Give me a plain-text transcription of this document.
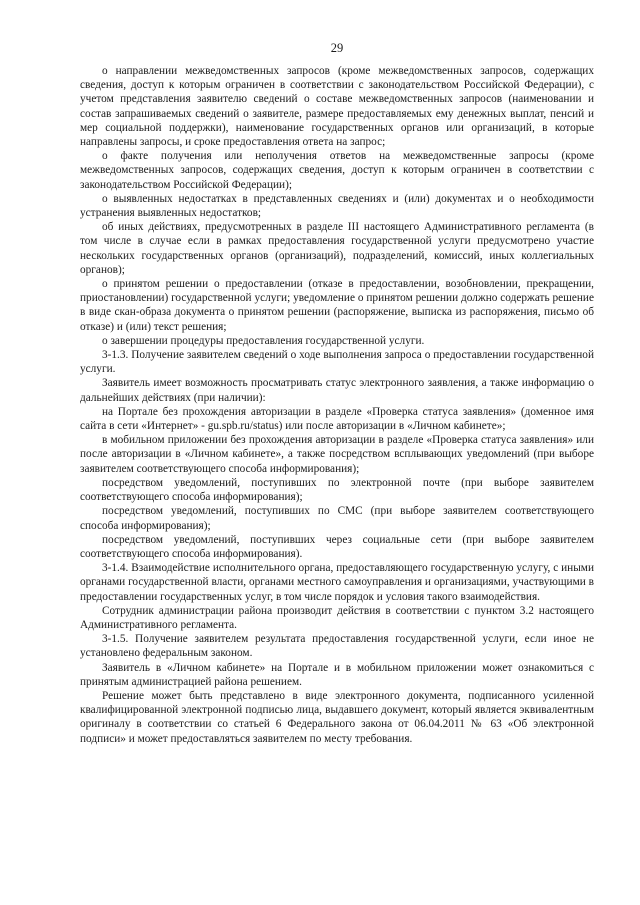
29

о направлении межведомственных запросов (кроме межведомственных запросов, содержащих сведения, доступ к которым ограничен в соответствии с законодательством Российской Федерации), с учетом представления заявителю сведений о составе межведомственных запросов (наименовании и состав запрашиваемых сведений о заявителе, размере предоставляемых ему денежных выплат, пенсий и мер социальной поддержки), наименование государственных органов или организаций, в которые направлены запросы, и сроке предоставления ответа на запрос;

о факте получения или неполучения ответов на межведомственные запросы (кроме межведомственных запросов, содержащих сведения, доступ к которым ограничен в соответствии с законодательством Российской Федерации);

о выявленных недостатках в представленных сведениях и (или) документах и о необходимости устранения выявленных недостатков;

об иных действиях, предусмотренных в разделе III настоящего Административного регламента (в том числе в случае если в рамках предоставления государственной услуги предусмотрено участие нескольких государственных органов (организаций), подразделений, комиссий, иных коллегиальных органов);

о принятом решении о предоставлении (отказе в предоставлении, возобновлении, прекращении, приостановлении) государственной услуги; уведомление о принятом решении должно содержать решение в виде скан-образа документа о принятом решении (распоряжение, выписка из распоряжения, письмо об отказе) и (или) текст решения;

о завершении процедуры предоставления государственной услуги.

3-1.3. Получение заявителем сведений о ходе выполнения запроса о предоставлении государственной услуги.

Заявитель имеет возможность просматривать статус электронного заявления, а также информацию о дальнейших действиях (при наличии):

на Портале без прохождения авторизации в разделе «Проверка статуса заявления» (доменное имя сайта в сети «Интернет» - gu.spb.ru/status) или после авторизации в «Личном кабинете»;

в мобильном приложении без прохождения авторизации в разделе «Проверка статуса заявления» или после авторизации в «Личном кабинете», а также посредством всплывающих уведомлений (при выборе заявителем соответствующего способа информирования);

посредством уведомлений, поступивших по электронной почте (при выборе заявителем соответствующего способа информирования);

посредством уведомлений, поступивших по СМС (при выборе заявителем соответствующего способа информирования);

посредством уведомлений, поступивших через социальные сети (при выборе заявителем соответствующего способа информирования).

3-1.4. Взаимодействие исполнительного органа, предоставляющего государственную услугу, с иными органами государственной власти, органами местного самоуправления и организациями, участвующими в предоставлении государственных услуг, в том числе порядок и условия такого взаимодействия.

Сотрудник администрации района производит действия в соответствии с пунктом 3.2 настоящего Административного регламента.

3-1.5. Получение заявителем результата предоставления государственной услуги, если иное не установлено федеральным законом.

Заявитель в «Личном кабинете» на Портале и в мобильном приложении может ознакомиться с принятым администрацией района решением.

Решение может быть представлено в виде электронного документа, подписанного усиленной квалифицированной электронной подписью лица, выдавшего документ, который является эквивалентным оригиналу в соответствии со статьей 6 Федерального закона от 06.04.2011 № 63 «Об электронной подписи» и может предоставляться заявителем по месту требования.
